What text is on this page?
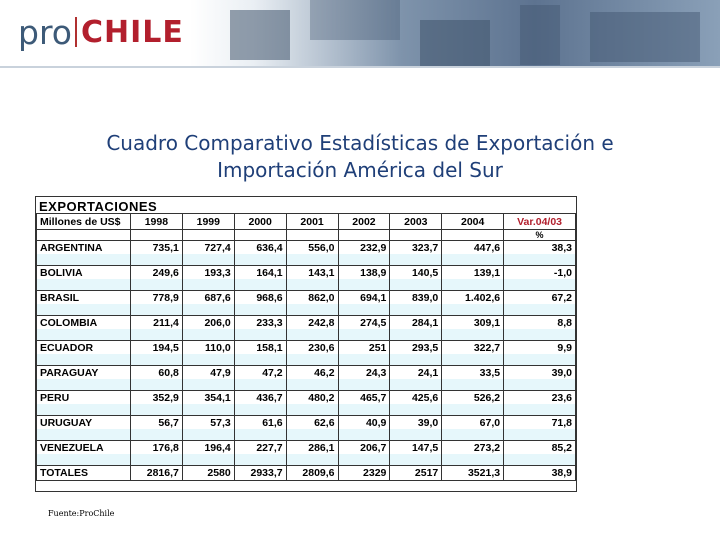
pro CHILE
Cuadro Comparativo Estadísticas de Exportación e
Importación América del Sur
EXPORTACIONES
Millones de US$	1998	1999	2000	2001	2002	2003	2004	Var.04/03
								%
ARGENTINA	735,1	727,4	636,4	556,0	232,9	323,7	447,6	38,3

BOLIVIA	249,6	193,3	164,1	143,1	138,9	140,5	139,1	-1,0

BRASIL	778,9	687,6	968,6	862,0	694,1	839,0	1.402,6	67,2

COLOMBIA	211,4	206,0	233,3	242,8	274,5	284,1	309,1	8,8

ECUADOR	194,5	110,0	158,1	230,6	251	293,5	322,7	9,9

PARAGUAY	60,8	47,9	47,2	46,2	24,3	24,1	33,5	39,0

PERU	352,9	354,1	436,7	480,2	465,7	425,6	526,2	23,6

URUGUAY	56,7	57,3	61,6	62,6	40,9	39,0	67,0	71,8

VENEZUELA	176,8	196,4	227,7	286,1	206,7	147,5	273,2	85,2

TOTALES	2816,7	2580	2933,7	2809,6	2329	2517	3521,3	38,9
Fuente:ProChile
